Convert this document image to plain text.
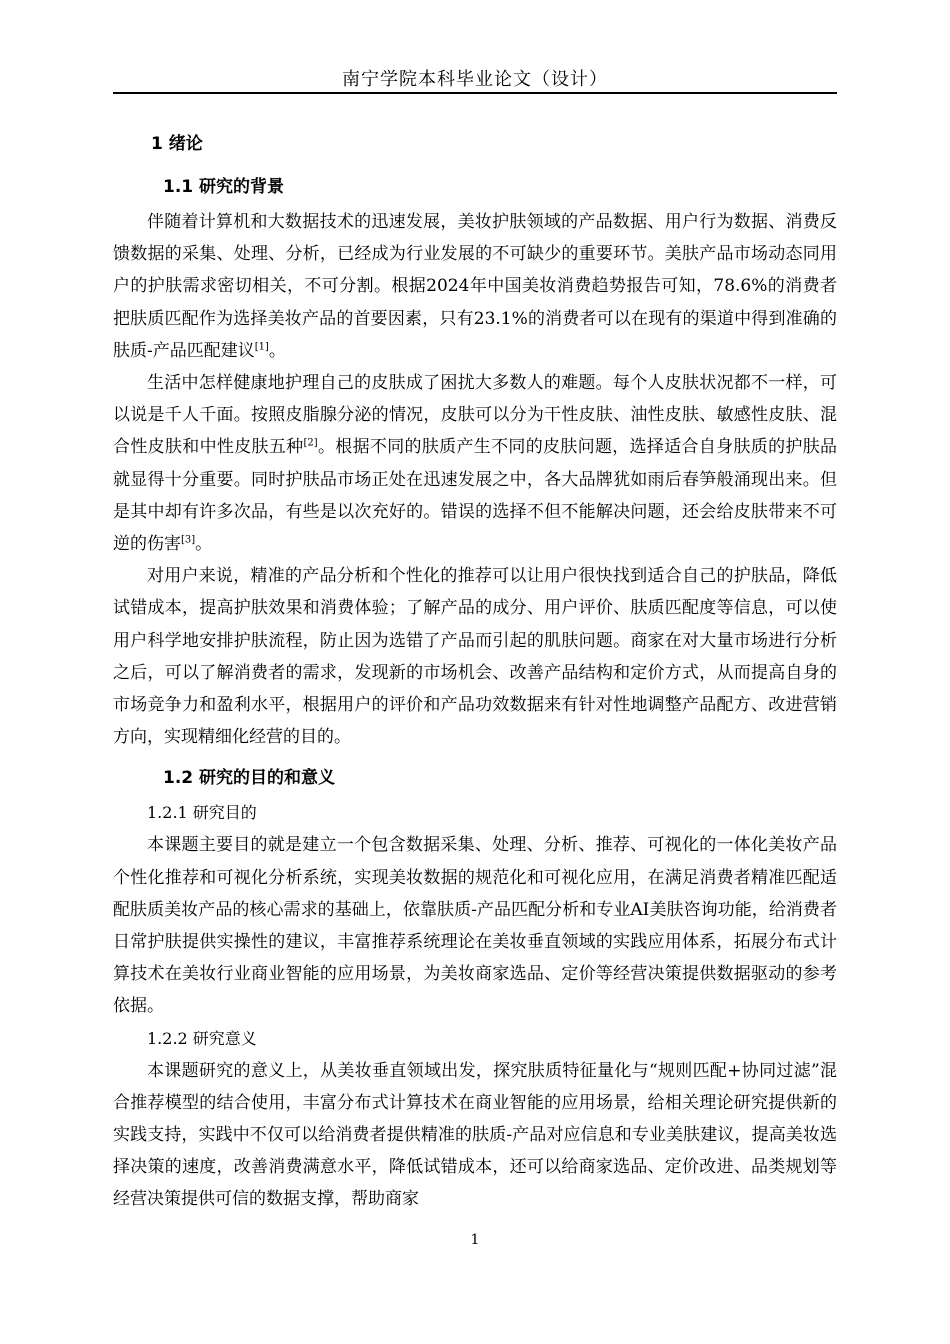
南宁学院本科毕业论文（设计）
1 绪论
1.1 研究的背景

伴随着计算机和大数据技术的迅速发展，美妆护肤领域的产品数据、用户行为数据、消费反馈数据的采集、处理、分析，已经成为行业发展的不可缺少的重要环节。美肤产品市场动态同用户的护肤需求密切相关，不可分割。根据2024年中国美妆消费趋势报告可知，78.6%的消费者把肤质匹配作为选择美妆产品的首要因素，只有23.1%的消费者可以在现有的渠道中得到准确的肤质-产品匹配建议[1]。

生活中怎样健康地护理自己的皮肤成了困扰大多数人的难题。每个人皮肤状况都不一样，可以说是千人千面。按照皮脂腺分泌的情况，皮肤可以分为干性皮肤、油性皮肤、敏感性皮肤、混合性皮肤和中性皮肤五种[2]。根据不同的肤质产生不同的皮肤问题，选择适合自身肤质的护肤品就显得十分重要。同时护肤品市场正处在迅速发展之中，各大品牌犹如雨后春笋般涌现出来。但是其中却有许多次品，有些是以次充好的。错误的选择不但不能解决问题，还会给皮肤带来不可逆的伤害[3]。

对用户来说，精准的产品分析和个性化的推荐可以让用户很快找到适合自己的护肤品，降低试错成本，提高护肤效果和消费体验；了解产品的成分、用户评价、肤质匹配度等信息，可以使用户科学地安排护肤流程，防止因为选错了产品而引起的肌肤问题。商家在对大量市场进行分析之后，可以了解消费者的需求，发现新的市场机会、改善产品结构和定价方式，从而提高自身的市场竞争力和盈利水平，根据用户的评价和产品功效数据来有针对性地调整产品配方、改进营销方向，实现精细化经营的目的。

1.2 研究的目的和意义
1.2.1 研究目的

本课题主要目的就是建立一个包含数据采集、处理、分析、推荐、可视化的一体化美妆产品个性化推荐和可视化分析系统，实现美妆数据的规范化和可视化应用，在满足消费者精准匹配适配肤质美妆产品的核心需求的基础上，依靠肤质-产品匹配分析和专业AI美肤咨询功能，给消费者日常护肤提供实操性的建议，丰富推荐系统理论在美妆垂直领域的实践应用体系，拓展分布式计算技术在美妆行业商业智能的应用场景，为美妆商家选品、定价等经营决策提供数据驱动的参考依据。

1.2.2 研究意义

本课题研究的意义上，从美妆垂直领域出发，探究肤质特征量化与“规则匹配+协同过滤”混合推荐模型的结合使用，丰富分布式计算技术在商业智能的应用场景，给相关理论研究提供新的实践支持，实践中不仅可以给消费者提供精准的肤质-产品对应信息和专业美肤建议，提高美妆选择决策的速度，改善消费满意水平，降低试错成本，还可以给商家选品、定价改进、品类规划等经营决策提供可信的数据支撑，帮助商家

1
